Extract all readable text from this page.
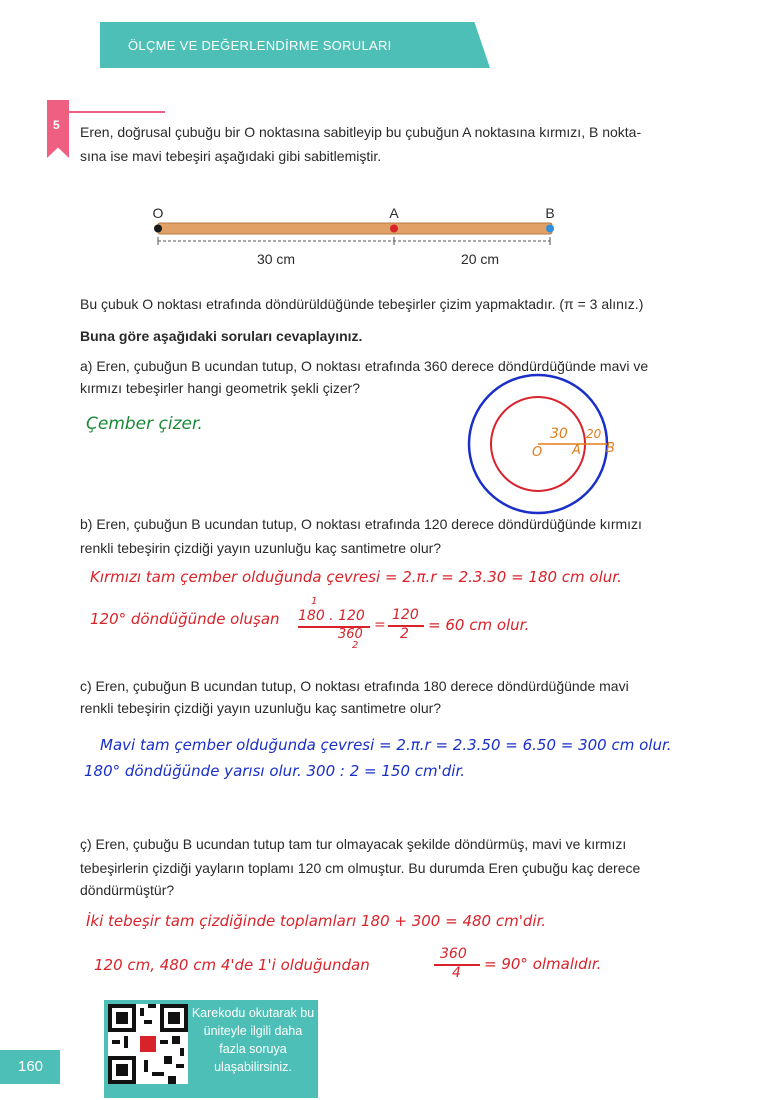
ÖLÇME VE DEĞERLENDİRME SORULARI
5 Eren, doğrusal çubuğu bir O noktasına sabitleyip bu çubuğun A noktasına kırmızı, B nokta-
sına ise mavi tebeşiri aşağıdaki gibi sabitlemiştir.
O	A	B
30 cm	20 cm
Bu çubuk O noktası etrafında döndürüldüğünde tebeşirler çizim yapmaktadır. (π = 3 alınız.)
Buna göre aşağıdaki soruları cevaplayınız.
a) Eren, çubuğun B ucundan tutup, O noktası etrafında 360 derece döndürdüğünde mavi ve
kırmızı tebeşirler hangi geometrik şekli çizer?
Çember çizer.	30 20
O A B
b) Eren, çubuğun B ucundan tutup, O noktası etrafında 120 derece döndürdüğünde kırmızı
renkli tebeşirin çizdiği yayın uzunluğu kaç santimetre olur?
Kırmızı tam çember olduğunda çevresi = 2.π.r = 2.3.30 = 180 cm olur.
120° döndüğünde oluşan
1
180 . 120
360
2
=
120
2 = 60 cm olur.
c) Eren, çubuğun B ucundan tutup, O noktası etrafında 180 derece döndürdüğünde mavi
renkli tebeşirin çizdiği yayın uzunluğu kaç santimetre olur?
Mavi tam çember olduğunda çevresi = 2.π.r = 2.3.50 = 6.50 = 300 cm olur.
180° döndüğünde yarısı olur. 300 : 2 = 150 cm'dir.
ç) Eren, çubuğu B ucundan tutup tam tur olmayacak şekilde döndürmüş, mavi ve kırmızı
tebeşirlerin çizdiği yayların toplamı 120 cm olmuştur. Bu durumda Eren çubuğu kaç derece
döndürmüştür?
İki tebeşir tam çizdiğinde toplamları 180 + 300 = 480 cm'dir.
120 cm, 480 cm 4'de 1'i olduğundan
360
4 = 90° olmalıdır.
160
Karekodu okutarak bu üniteyle ilgili daha fazla soruya ulaşabilirsiniz.
